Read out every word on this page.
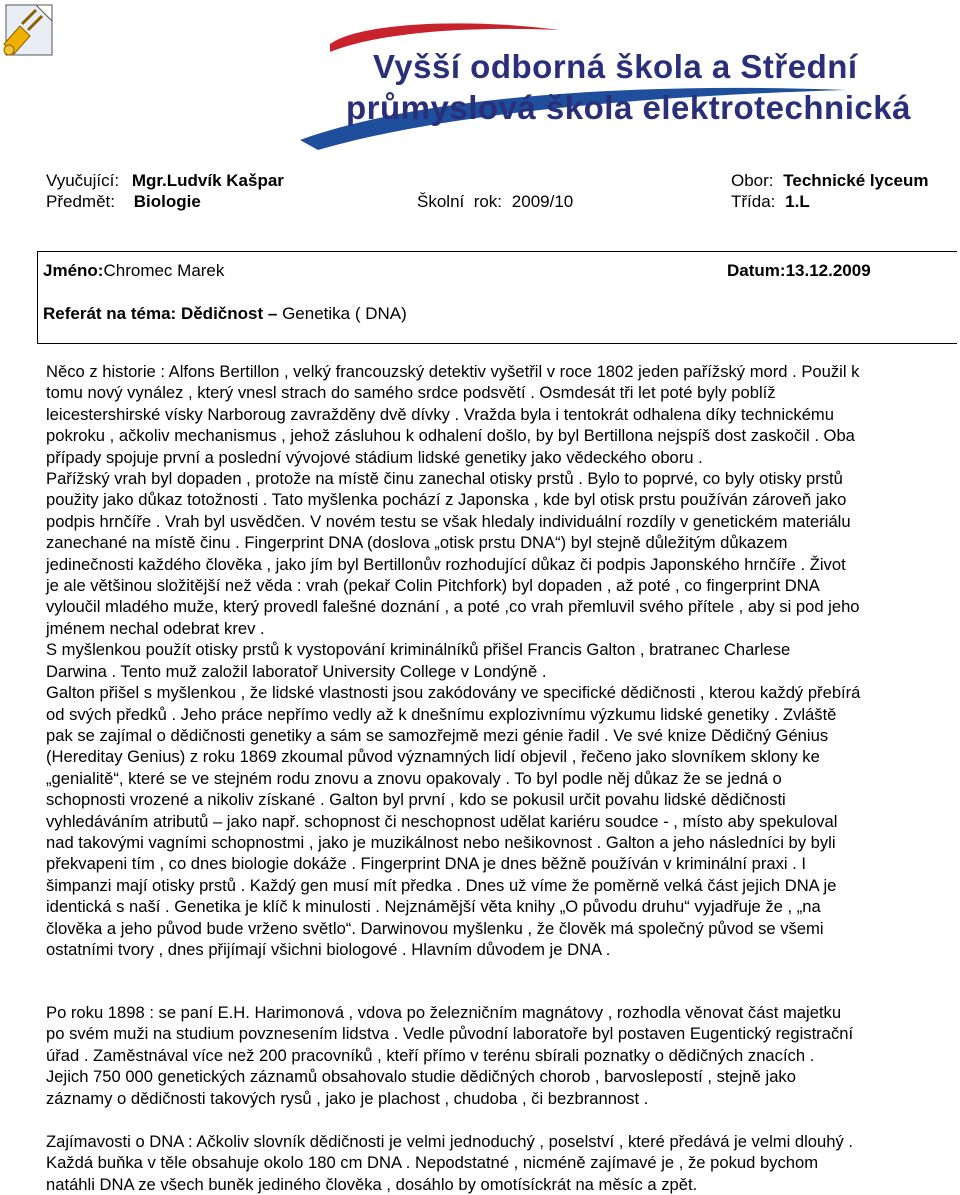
Vyšší odborná škola a Střední
průmyslová škola elektrotechnická
Vyučující: Mgr.Ludvík Kašpar	Obor: Technické lyceum
Předmět: Biologie	Školní  rok: 2009/10	Třída: 1.L
Jméno:Chromec Marek	Datum:13.12.2009
Referát na téma: Dědičnost – Genetika ( DNA)
Něco z historie : Alfons Bertillon , velký francouzský detektiv vyšetřil v roce 1802 jeden pařížský mord . Použil k
tomu nový vynález , který vnesl strach do samého srdce podsvětí . Osmdesát tři let poté byly poblíž
leicestershirské vísky Narboroug zavražděny dvě dívky . Vražda byla i tentokrát odhalena díky technickému
pokroku , ačkoliv mechanismus , jehož zásluhou k odhalení došlo, by byl Bertillona nejspíš dost zaskočil . Oba
případy spojuje první a poslední vývojové stádium lidské genetiky jako vědeckého oboru .
Pařížský vrah byl dopaden , protože na místě činu zanechal otisky prstů . Bylo to poprvé, co byly otisky prstů
použity jako důkaz totožnosti . Tato myšlenka pochází z Japonska , kde byl otisk prstu používán zároveň jako
podpis hrnčíře . Vrah byl usvědčen. V novém testu se však hledaly individuální rozdíly v genetickém materiálu
zanechané na místě činu . Fingerprint DNA (doslova „otisk prstu DNA“) byl stejně důležitým důkazem
jedinečnosti každého člověka , jako jím byl Bertillonův rozhodující důkaz či podpis Japonského hrnčíře . Život
je ale většinou složitější než věda : vrah (pekař Colin Pitchfork) byl dopaden , až poté , co fingerprint DNA
vyloučil mladého muže, který provedl falešné doznání , a poté ,co vrah přemluvil svého přítele , aby si pod jeho
jménem nechal odebrat krev .
S myšlenkou použít otisky prstů k vystopování kriminálníků přišel Francis Galton , bratranec Charlese
Darwina . Tento muž založil laboratoř University College v Londýně .
Galton přišel s myšlenkou , že lidské vlastnosti jsou zakódovány ve specifické dědičnosti , kterou každý přebírá
od svých předků . Jeho práce nepřímo vedly až k dnešnímu explozivnímu výzkumu lidské genetiky . Zvláště
pak se zajímal o dědičnosti genetiky a sám se samozřejmě mezi génie řadil . Ve své knize Dědičný Génius
(Hereditay Genius) z roku 1869 zkoumal původ významných lidí objevil , řečeno jako slovníkem sklony ke
„genialitě“, které se ve stejném rodu znovu a znovu opakovaly . To byl podle něj důkaz že se jedná o
schopnosti vrozené a nikoliv získané . Galton byl první , kdo se pokusil určit povahu lidské dědičnosti
vyhledáváním atributů – jako např. schopnost či neschopnost udělat kariéru soudce - , místo aby spekuloval
nad takovými vagními schopnostmi , jako je muzikálnost nebo nešikovnost . Galton a jeho následníci by byli
překvapeni tím , co dnes biologie dokáže . Fingerprint DNA je dnes běžně používán v kriminální praxi . I
šimpanzi mají otisky prstů . Každý gen musí mít předka . Dnes už víme že poměrně velká část jejich DNA je
identická s naší . Genetika je klíč k minulosti . Nejznámější věta knihy „O původu druhu“ vyjadřuje že , „na
člověka a jeho původ bude vrženo světlo“. Darwinovou myšlenku , že člověk má společný původ se všemi
ostatními tvory , dnes přijímají všichni biologové . Hlavním důvodem je DNA .
Po roku 1898 : se paní E.H. Harimonová , vdova po železničním magnátovy , rozhodla věnovat část majetku
po svém muži na studium povznesením lidstva . Vedle původní laboratoře byl postaven Eugentický registrační
úřad . Zaměstnával více než 200 pracovníků , kteří přímo v terénu sbírali poznatky o dědičných znacích .
Jejich 750 000 genetických záznamů obsahovalo studie dědičných chorob , barvoslepostí , stejně jako
záznamy o dědičnosti takových rysů , jako je plachost , chudoba , či bezbrannost .
Zajímavosti o DNA : Ačkoliv slovník dědičnosti je velmi jednoduchý , poselství , které předává je velmi dlouhý .
Každá buňka v těle obsahuje okolo 180 cm DNA . Nepodstatné , nicméně zajímavé je , že pokud bychom
natáhli DNA ze všech buněk jediného člověka , dosáhlo by omotísíckrát na měsíc a zpět.
